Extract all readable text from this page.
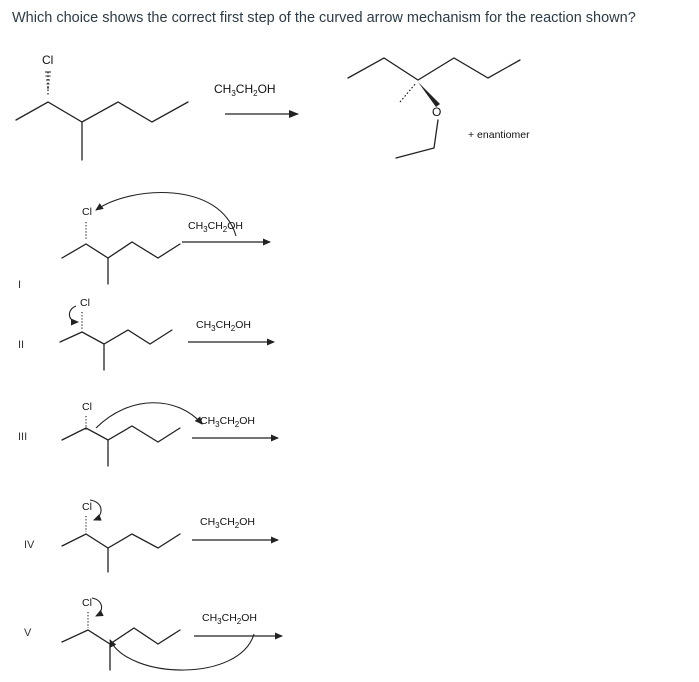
Which choice shows the correct first step of the curved arrow mechanism for the reaction shown?
Cl
$CH_3CH_2OH$
O
+ enantiomer
I
Cl
$CH_3CH_2OH$
II
Cl
$CH_3CH_2OH$
III
Cl
$CH_3CH_2OH$
IV
Cl
$CH_3CH_2OH$
V
Cl
$CH_3CH_2OH$
